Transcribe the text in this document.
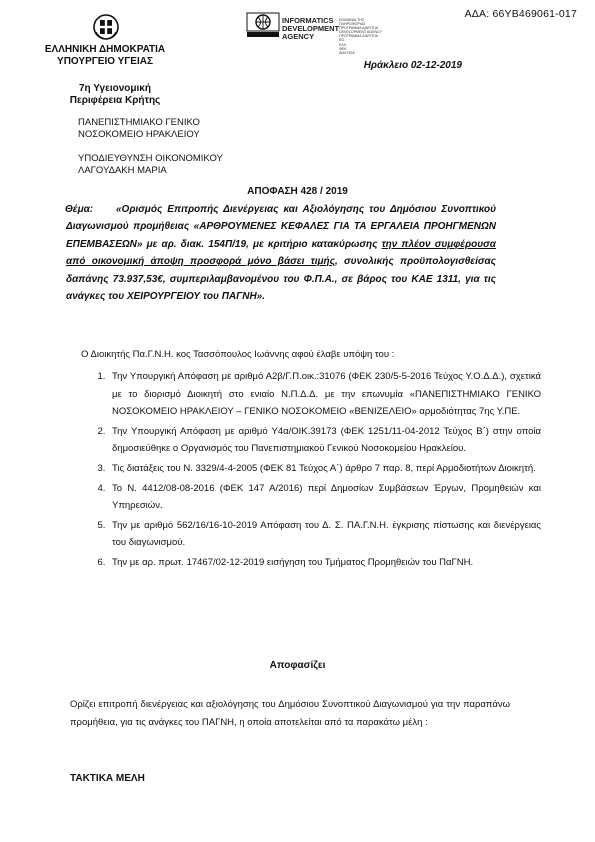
ΑΔΑ: 66ΥΒ469061-017
ΕΛΛΗΝΙΚΗ ΔΗΜΟΚΡΑΤΙΑ
ΥΠΟΥΡΓΕΙΟ ΥΓΕΙΑΣ
7η Υγειονομική
Περιφέρεια Κρήτης
ΠΑΝΕΠΙΣΤΗΜΙΑΚΟ ΓΕΝΙΚΟ
ΝΟΣΟΚΟΜΕΙΟ ΗΡΑΚΛΕΙΟΥ
ΥΠΟΔΙΕΥΘΥΝΣΗ ΟΙΚΟΝΟΜΙΚΟΥ
ΛΑΓΟΥΔΑΚΗ ΜΑΡΙΑ
INFORMATICS
DEVELOPMENT
AGENCY
ΚΟΙΝΩΝΙΑ ΤΗΣ ΠΛΗΡΟΦΟΡΙΑΣ
ΠΡΟΓΡΑΜΜΑ ΔΙΑΥΓΕΙΑ
DEVELOPMENT AGENCY
ΠΡΟΓΡΑΜΜΑ ΔΙΑΥΓΕΙΑ
ΕΙΣ
ΕΛΛ
ΦΕΚ
ΔΙΑΥΓΕΙΑ
Ηράκλειο 02-12-2019
ΑΠΟΦΑΣΗ 428 / 2019
Θέμα:	«Ορισμός Επιτροπής Διενέργειας και Αξιολόγησης του Δημόσιου Συνοπτικού Διαγωνισμού προμήθειας «ΑΡΘΡΟΥΜΕΝΕΣ ΚΕΦΑΛΕΣ ΓΙΑ ΤΑ ΕΡΓΑΛΕΙΑ ΠΡΟΗΓΜΕΝΩΝ ΕΠΕΜΒΑΣΕΩΝ» με αρ. διακ. 154Π/19, με κριτήριο κατακύρωσης την πλέον συμφέρουσα από οικονομική άποψη προσφορά μόνο βάσει τιμής, συνολικής προϋπολογισθείσας δαπάνης 73.937,53€, συμπεριλαμβανομένου του Φ.Π.Α., σε βάρος του ΚΑΕ 1311, για τις ανάγκες του ΧΕΙΡΟΥΡΓΕΙΟΥ του ΠΑΓΝΗ».
Ο Διοικητής Πα.Γ.Ν.Η. κος Τασσόπουλος Ιωάννης αφού έλαβε υπόψη του :
1. Την Υπουργική Απόφαση με αριθμό Α2β/Γ.Π.οικ.:31076 (ΦΕΚ 230/5-5-2016 Τεύχος Υ.Ο.Δ.Δ.), σχετικά με το διορισμό Διοικητή στο ενιαίο Ν.Π.Δ.Δ. με την επωνυμία «ΠΑΝΕΠΙΣΤΗΜΙΑΚΟ ΓΕΝΙΚΟ ΝΟΣΟΚΟΜΕΙΟ ΗΡΑΚΛΕΙΟΥ – ΓΕΝΙΚΟ ΝΟΣΟΚΟΜΕΙΟ «ΒΕΝΙΖΕΛΕΙΟ» αρμοδιότητας 7ης Υ.ΠΕ.
2. Την Υπουργική Απόφαση με αριθμό Υ4α/ΟΙΚ.39173 (ΦΕΚ 1251/11-04-2012 Τεύχος Β΄) στην οποία δημοσιεύθηκε ο Οργανισμός του Πανεπιστημιακού Γενικού Νοσοκομείου Ηρακλείου.
3. Τις διατάξεις του Ν. 3329/4-4-2005 (ΦΕΚ 81 Τεύχος Α΄) άρθρο 7 παρ. 8, περί Αρμοδιοτήτων Διοικητή.
4. Το Ν. 4412/08-08-2016 (ΦΕΚ 147 Α/2016) περί Δημοσίων Συμβάσεων Έργων, Προμηθειών και Υπηρεσιών.
5. Την με αριθμό 562/16/16-10-2019 Απόφαση του Δ. Σ. ΠΑ.Γ.Ν.Η. έγκρισης πίστωσης και διενέργειας του διαγωνισμού.
6. Την με αρ. πρωτ. 17467/02-12-2019 εισήγηση του Τμήματος Προμηθειών του ΠαΓΝΗ.
Αποφασίζει
Ορίζει επιτροπή διενέργειας και αξιολόγησης του Δημόσιου Συνοπτικού Διαγωνισμού για την παραπάνω προμήθεια, για τις ανάγκες του ΠΑΓΝΗ, η οποία αποτελείται από τα παρακάτω μέλη :
ΤΑΚΤΙΚΑ ΜΕΛΗ
